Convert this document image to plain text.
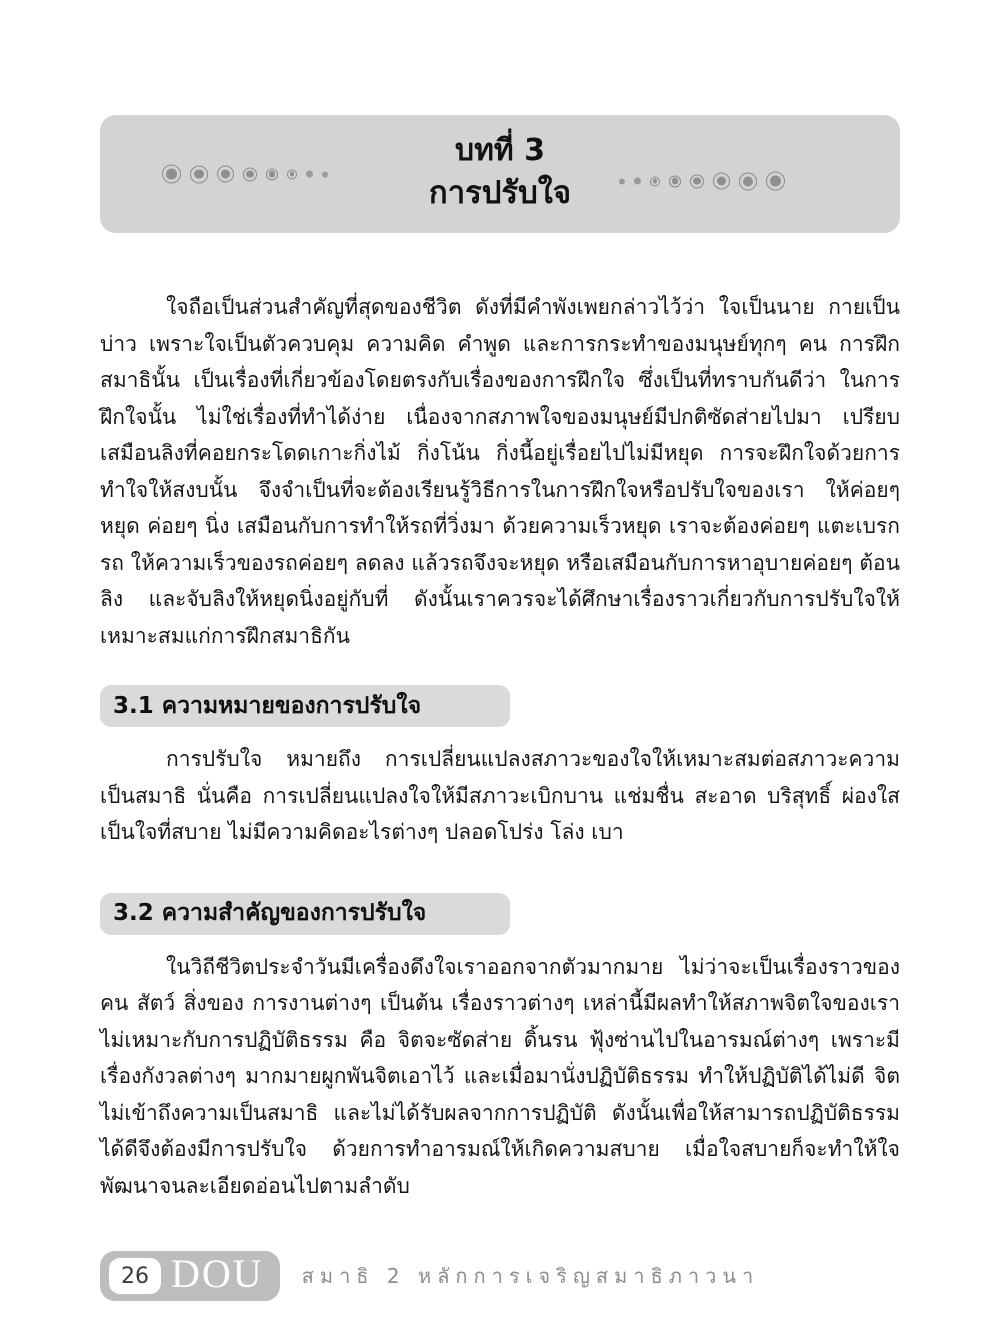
บทที่ 3
การปรับใจ

ใจถือเป็นส่วนสำคัญที่สุดของชีวิต ดังที่มีคำพังเพยกล่าวไว้ว่า ใจเป็นนาย กายเป็นบ่าว เพราะใจเป็นตัวควบคุม ความคิด คำพูด และการกระทำของมนุษย์ทุกๆ คน การฝึกสมาธินั้น เป็นเรื่องที่เกี่ยวข้องโดยตรงกับเรื่องของการฝึกใจ ซึ่งเป็นที่ทราบกันดีว่า ในการฝึกใจนั้น ไม่ใช่เรื่องที่ทำได้ง่าย เนื่องจากสภาพใจของมนุษย์มีปกติซัดส่ายไปมา เปรียบเสมือนลิงที่คอยกระโดดเกาะกิ่งไม้ กิ่งโน้น กิ่งนี้อยู่เรื่อยไปไม่มีหยุด การจะฝึกใจด้วยการทำใจให้สงบนั้น จึงจำเป็นที่จะต้องเรียนรู้วิธีการในการฝึกใจหรือปรับใจของเรา ให้ค่อยๆ หยุด ค่อยๆ นิ่ง เสมือนกับการทำให้รถที่วิ่งมา ด้วยความเร็วหยุด เราจะต้องค่อยๆ แตะเบรกรถ ให้ความเร็วของรถค่อยๆ ลดลง แล้วรถจึงจะหยุด หรือเสมือนกับการหาอุบายค่อยๆ ต้อนลิง และจับลิงให้หยุดนิ่งอยู่กับที่ ดังนั้นเราควรจะได้ศึกษาเรื่องราวเกี่ยวกับการปรับใจให้เหมาะสมแก่การฝึกสมาธิกัน

3.1 ความหมายของการปรับใจ

การปรับใจ หมายถึง การเปลี่ยนแปลงสภาวะของใจให้เหมาะสมต่อสภาวะความเป็นสมาธิ นั่นคือ การเปลี่ยนแปลงใจให้มีสภาวะเบิกบาน แช่มชื่น สะอาด บริสุทธิ์ ผ่องใส เป็นใจที่สบาย ไม่มีความคิดอะไรต่างๆ ปลอดโปร่ง โล่ง เบา

3.2 ความสำคัญของการปรับใจ

ในวิถีชีวิตประจำวันมีเครื่องดึงใจเราออกจากตัวมากมาย ไม่ว่าจะเป็นเรื่องราวของคน สัตว์ สิ่งของ การงานต่างๆ เป็นต้น เรื่องราวต่างๆ เหล่านี้มีผลทำให้สภาพจิตใจของเราไม่เหมาะกับการปฏิบัติธรรม คือ จิตจะซัดส่าย ดิ้นรน ฟุ้งซ่านไปในอารมณ์ต่างๆ เพราะมีเรื่องกังวลต่างๆ มากมายผูกพันจิตเอาไว้ และเมื่อมานั่งปฏิบัติธรรม ทำให้ปฏิบัติได้ไม่ดี จิตไม่เข้าถึงความเป็นสมาธิ และไม่ได้รับผลจากการปฏิบัติ ดังนั้นเพื่อให้สามารถปฏิบัติธรรมได้ดีจึงต้องมีการปรับใจ ด้วยการทำอารมณ์ให้เกิดความสบาย เมื่อใจสบายก็จะทำให้ใจพัฒนาจนละเอียดอ่อนไปตามลำดับ

26 DOU สมาธิ 2 หลักการเจริญสมาธิภาวนา
